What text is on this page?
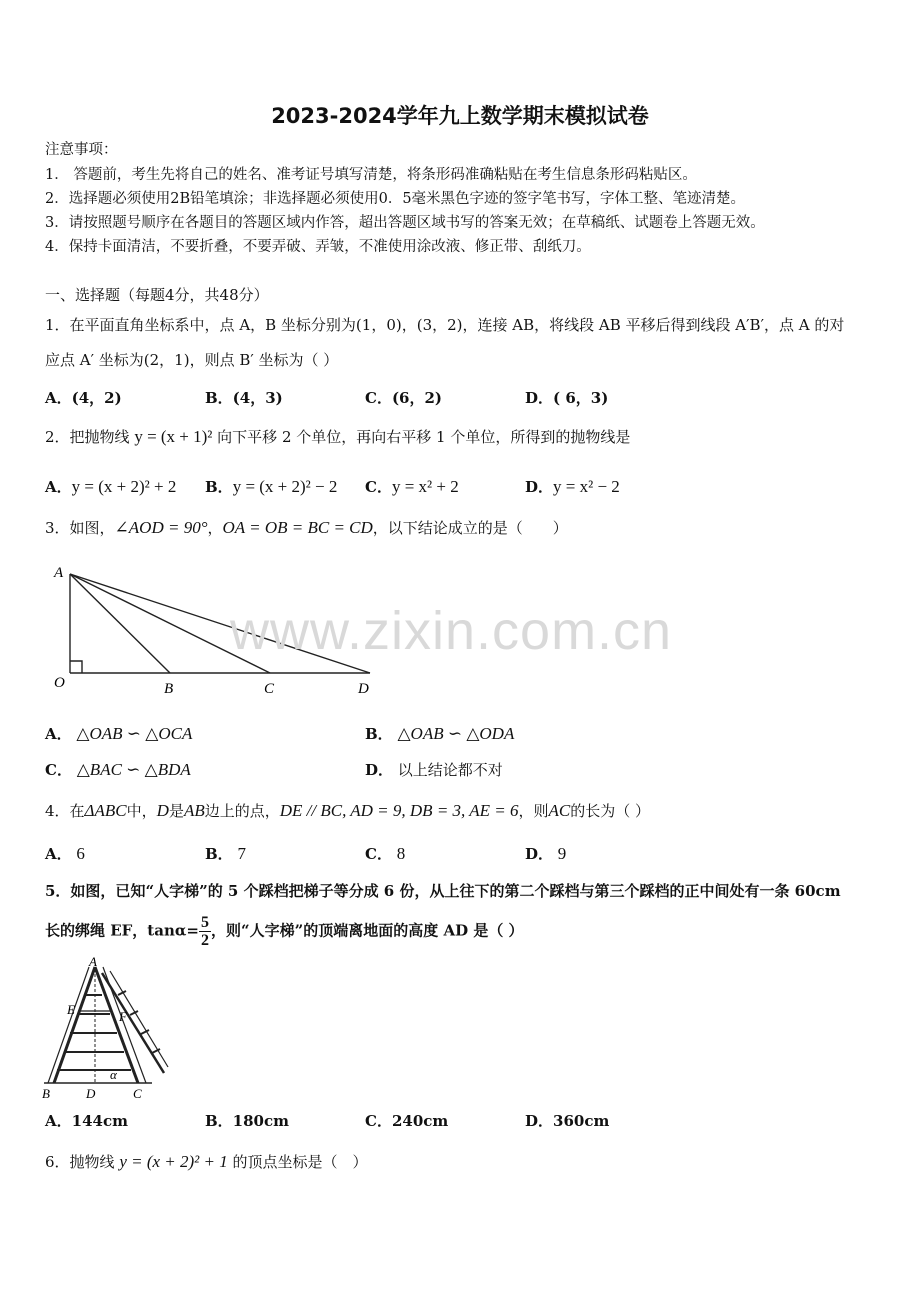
2023-2024学年九上数学期末模拟试卷
注意事项：
1． 答题前，考生先将自己的姓名、准考证号填写清楚，将条形码准确粘贴在考生信息条形码粘贴区。
2．选择题必须使用2B铅笔填涂；非选择题必须使用0．5毫米黑色字迹的签字笔书写，字体工整、笔迹清楚。
3．请按照题号顺序在各题目的答题区域内作答，超出答题区域书写的答案无效；在草稿纸、试题卷上答题无效。
4．保持卡面清洁，不要折叠，不要弄破、弄皱，不准使用涂改液、修正带、刮纸刀。
一、选择题（每题4分，共48分）
1．在平面直角坐标系中，点 A，B 坐标分别为(1，0)，(3，2)，连接 AB，将线段 AB 平移后得到线段 A′B′，点 A 的对
应点 A′ 坐标为(2，1)，则点 B′ 坐标为（ ）
A．(4，2)	B．(4，3)	C．(6，2)	D．( 6，3)
2．把抛物线 y = (x + 1)² 向下平移 2 个单位，再向右平移 1 个单位，所得到的抛物线是
A．y = (x + 2)² + 2 B．y = (x + 2)² − 2 C．y = x² + 2	D．y = x² − 2
3．如图，∠AOD = 90°，OA = OB = BC = CD，以下结论成立的是（　　）
A
O	B	C	D
www.zixin.com.cn
A． △OAB ∽ △OCA	B． △OAB ∽ △ODA
C． △BAC ∽ △BDA	D． 以上结论都不对
4．在ΔABC中，D是AB边上的点，DE // BC, AD = 9, DB = 3, AE = 6，则AC的长为（ ）
A． 6	B． 7	C． 8	D． 9
5．如图，已知“人字梯”的 5 个踩档把梯子等分成 6 份，从上往下的第二个踩档与第三个踩档的正中间处有一条 60cm
长的绑绳 EF，$\tan\alpha= \frac{5}{2}$ ，则“人字梯”的顶端离地面的高度 AD 是（ ）
A
E	F
B	D	C
α
A．144cm	B．180cm	C．240cm	D．360cm
6．抛物线 y = (x + 2)² + 1 的顶点坐标是（　）
